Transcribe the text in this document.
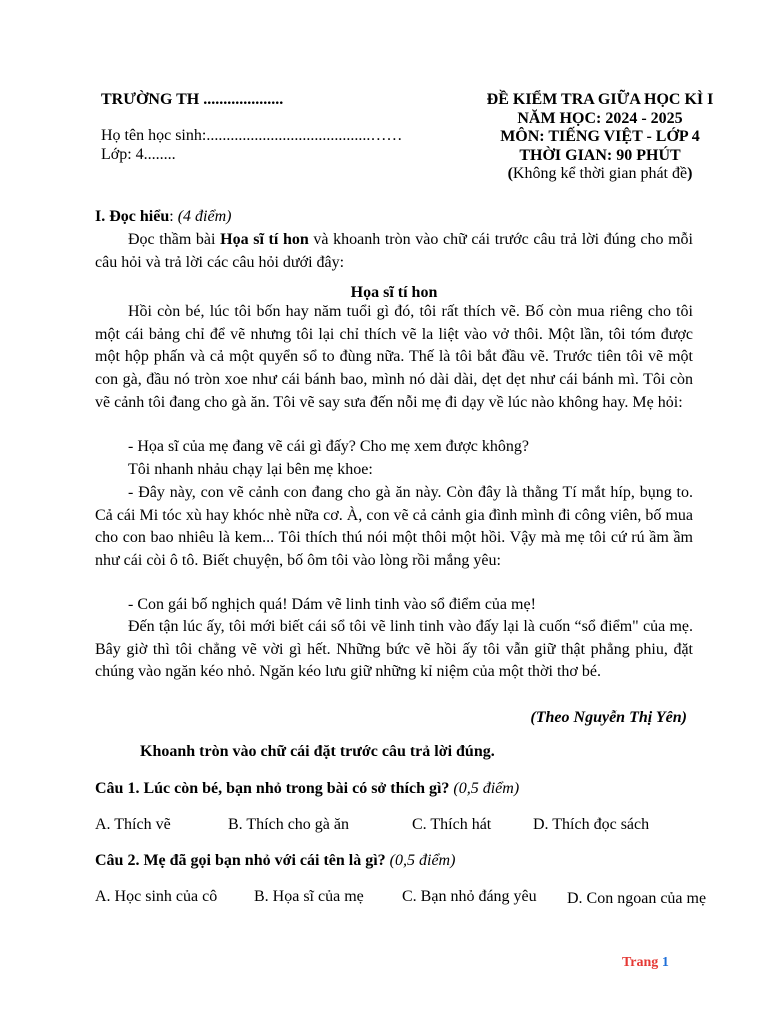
TRƯỜNG TH ....................
Họ tên học sinh:.........................................……
Lớp: 4........
ĐỀ KIỂM TRA GIỮA HỌC KÌ I
NĂM HỌC: 2024 - 2025
MÔN: TIẾNG VIỆT - LỚP 4
THỜI GIAN: 90 PHÚT
(Không kể thời gian phát đề)
I. Đọc hiểu: (4 điểm)

Đọc thầm bài Họa sĩ tí hon và khoanh tròn vào chữ cái trước câu trả lời đúng cho mỗi câu hỏi và trả lời các câu hỏi dưới đây:

Họa sĩ tí hon

Hồi còn bé, lúc tôi bốn hay năm tuổi gì đó, tôi rất thích vẽ. Bố còn mua riêng cho tôi một cái bảng chỉ để vẽ nhưng tôi lại chỉ thích vẽ la liệt vào vở thôi. Một lần, tôi tóm được một hộp phấn và cả một quyển sổ to đùng nữa. Thế là tôi bắt đầu vẽ. Trước tiên tôi vẽ một con gà, đầu nó tròn xoe như cái bánh bao, mình nó dài dài, dẹt dẹt như cái bánh mì. Tôi còn vẽ cảnh tôi đang cho gà ăn. Tôi vẽ say sưa đến nỗi mẹ đi dạy về lúc nào không hay. Mẹ hỏi:

- Họa sĩ của mẹ đang vẽ cái gì đấy? Cho mẹ xem được không?

Tôi nhanh nhảu chạy lại bên mẹ khoe:

- Đây này, con vẽ cảnh con đang cho gà ăn này. Còn đây là thằng Tí mắt híp, bụng to. Cả cái Mi tóc xù hay khóc nhè nữa cơ. À, con vẽ cả cảnh gia đình mình đi công viên, bố mua cho con bao nhiêu là kem... Tôi thích thú nói một thôi một hồi. Vậy mà mẹ tôi cứ rú ầm ầm như cái còi ô tô. Biết chuyện, bố ôm tôi vào lòng rồi mắng yêu:

- Con gái bố nghịch quá! Dám vẽ linh tinh vào sổ điểm của mẹ!

Đến tận lúc ấy, tôi mới biết cái sổ tôi vẽ linh tinh vào đấy lại là cuốn “sổ điểm" của mẹ. Bây giờ thì tôi chẳng vẽ vời gì hết. Những bức vẽ hồi ấy tôi vẫn giữ thật phẳng phiu, đặt chúng vào ngăn kéo nhỏ. Ngăn kéo lưu giữ những kỉ niệm của một thời thơ bé.

(Theo Nguyễn Thị Yên)
Khoanh tròn vào chữ cái đặt trước câu trả lời đúng.
Câu 1. Lúc còn bé, bạn nhỏ trong bài có sở thích gì? (0,5 điểm)
A. Thích vẽ	B. Thích cho gà ăn	C. Thích hát	D. Thích đọc sách
Câu 2. Mẹ đã gọi bạn nhỏ với cái tên là gì? (0,5 điểm)
A. Học sinh của cô B. Họa sĩ của mẹ C. Bạn nhỏ đáng yêu D. Con ngoan của mẹ
Trang 1
